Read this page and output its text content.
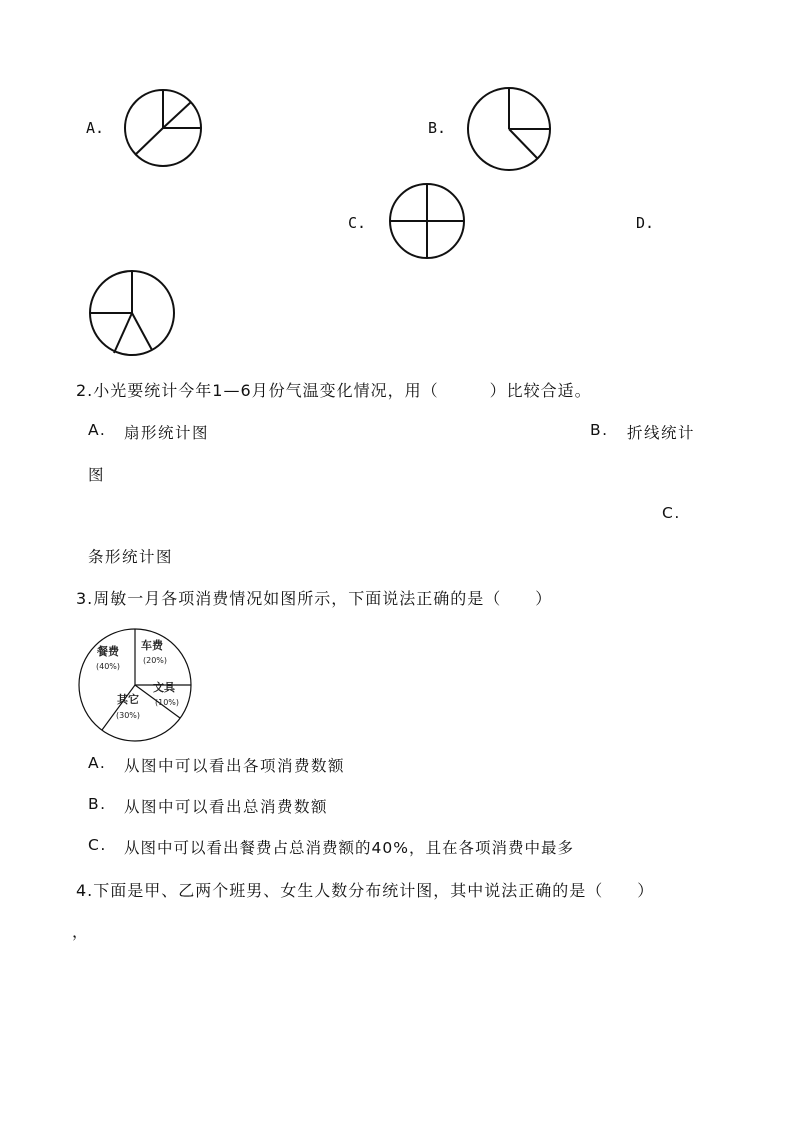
A.	B.
C.	D.
2.小光要统计今年1—6月份气温变化情况，用（　　　）比较合适。
A. 扇形统计图	B. 折线统计
图
C.
条形统计图
3.周敏一月各项消费情况如图所示，下面说法正确的是（　　）
餐费
(40%)
车费
(20%)
文具
(10%)
其它
(30%)
A. 从图中可以看出各项消费数额
B. 从图中可以看出总消费数额
C. 从图中可以看出餐费占总消费额的40%，且在各项消费中最多
4.下面是甲、乙两个班男、女生人数分布统计图，其中说法正确的是（　　）
，
